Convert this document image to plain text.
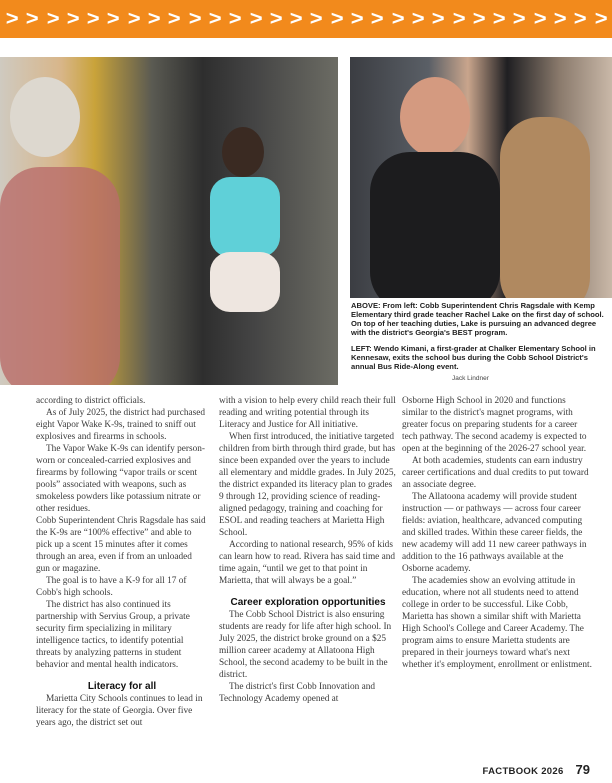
> > > > > > > > > > > > > > > > > > > > > > > > > > > > > >

ABOVE: From left: Cobb Superintendent Chris Ragsdale with Kemp Elementary third grade teacher Rachel Lake on the first day of school. On top of her teaching duties, Lake is pursuing an advanced degree with the district's Georgia's BEST program.

LEFT: Wendo Kimani, a first-grader at Chalker Elementary School in Kennesaw, exits the school bus during the Cobb School District's annual Bus Ride-Along event.

Jack Lindner

according to district officials.

As of July 2025, the district had purchased eight Vapor Wake K-9s, trained to sniff out explosives and firearms in schools.

The Vapor Wake K-9s can identify person-worn or concealed-carried explosives and firearms by following “vapor trails or scent pools” associated with weapons, such as smokeless powders like potassium nitrate or other residues.

Cobb Superintendent Chris Ragsdale has said the K-9s are “100% effective” and able to pick up a scent 15 minutes after it comes through an area, even if from an unloaded gun or magazine.

The goal is to have a K-9 for all 17 of Cobb's high schools.

The district has also continued its partnership with Servius Group, a private security firm specializing in military intelligence tactics, to identify potential threats by analyzing patterns in student behavior and mental health indicators.

Literacy for all

Marietta City Schools continues to lead in literacy for the state of Georgia. Over five years ago, the district set out

with a vision to help every child reach their full reading and writing potential through its Literacy and Justice for All initiative.

When first introduced, the initiative targeted children from birth through third grade, but has since been expanded over the years to include all elementary and middle grades. In July 2025, the district expanded its literacy plan to grades 9 through 12, providing science of reading-aligned pedagogy, training and coaching for ESOL and reading teachers at Marietta High School.

According to national research, 95% of kids can learn how to read. Rivera has said time and time again, “until we get to that point in Marietta, that will always be a goal.”

Career exploration opportunities

The Cobb School District is also ensuring students are ready for life after high school. In July 2025, the district broke ground on a $25 million career academy at Allatoona High School, the second academy to be built in the district.

The district's first Cobb Innovation and Technology Academy opened at

Osborne High School in 2020 and functions similar to the district's magnet programs, with greater focus on preparing students for a career tech pathway. The second academy is expected to open at the beginning of the 2026-27 school year.

At both academies, students can earn industry career certifications and dual credits to put toward an associate degree.

The Allatoona academy will provide student instruction — or pathways — across four career fields: aviation, healthcare, advanced computing and skilled trades. Within these career fields, the new academy will add 11 new career pathways in addition to the 16 pathways available at the Osborne academy.

The academies show an evolving attitude in education, where not all students need to attend college in order to be successful. Like Cobb, Marietta has shown a similar shift with Marietta High School's College and Career Academy. The program aims to ensure Marietta students are prepared in their journeys toward what's next whether it's employment, enrollment or enlistment.

FACTBOOK 2026 79
